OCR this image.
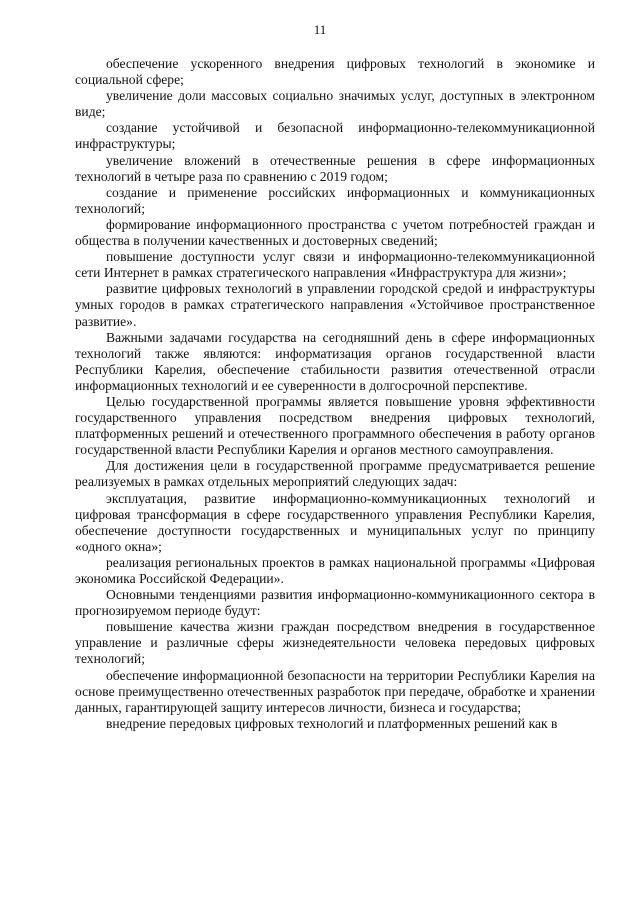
11

обеспечение ускоренного внедрения цифровых технологий в экономике и социальной сфере;

увеличение доли массовых социально значимых услуг, доступных в электронном виде;

создание устойчивой и безопасной информационно-телекоммуникационной инфраструктуры;

увеличение вложений в отечественные решения в сфере информационных технологий в четыре раза по сравнению с 2019 годом;

создание и применение российских информационных и коммуникационных технологий;

формирование информационного пространства с учетом потребностей граждан и общества в получении качественных и достоверных сведений;

повышение доступности услуг связи и информационно-телекоммуникационной сети Интернет в рамках стратегического направления «Инфраструктура для жизни»;

развитие цифровых технологий в управлении городской средой и инфраструктуры умных городов в рамках стратегического направления «Устойчивое пространственное развитие».

Важными задачами государства на сегодняшний день в сфере информационных технологий также являются: информатизация органов государственной власти Республики Карелия, обеспечение стабильности развития отечественной отрасли информационных технологий и ее суверенности в долгосрочной перспективе.

Целью государственной программы является повышение уровня эффективности государственного управления посредством внедрения цифровых технологий, платформенных решений и отечественного программного обеспечения в работу органов государственной власти Республики Карелия и органов местного самоуправления.

Для достижения цели в государственной программе предусматривается решение реализуемых в рамках отдельных мероприятий следующих задач:

эксплуатация, развитие информационно-коммуникационных технологий и цифровая трансформация в сфере государственного управления Республики Карелия, обеспечение доступности государственных и муниципальных услуг по принципу «одного окна»;

реализация региональных проектов в рамках национальной программы «Цифровая экономика Российской Федерации».

Основными тенденциями развития информационно-коммуникационного сектора в прогнозируемом периоде будут:

повышение качества жизни граждан посредством внедрения в государственное управление и различные сферы жизнедеятельности человека передовых цифровых технологий;

обеспечение информационной безопасности на территории Республики Карелия на основе преимущественно отечественных разработок при передаче, обработке и хранении данных, гарантирующей защиту интересов личности, бизнеса и государства;

внедрение передовых цифровых технологий и платформенных решений как в
